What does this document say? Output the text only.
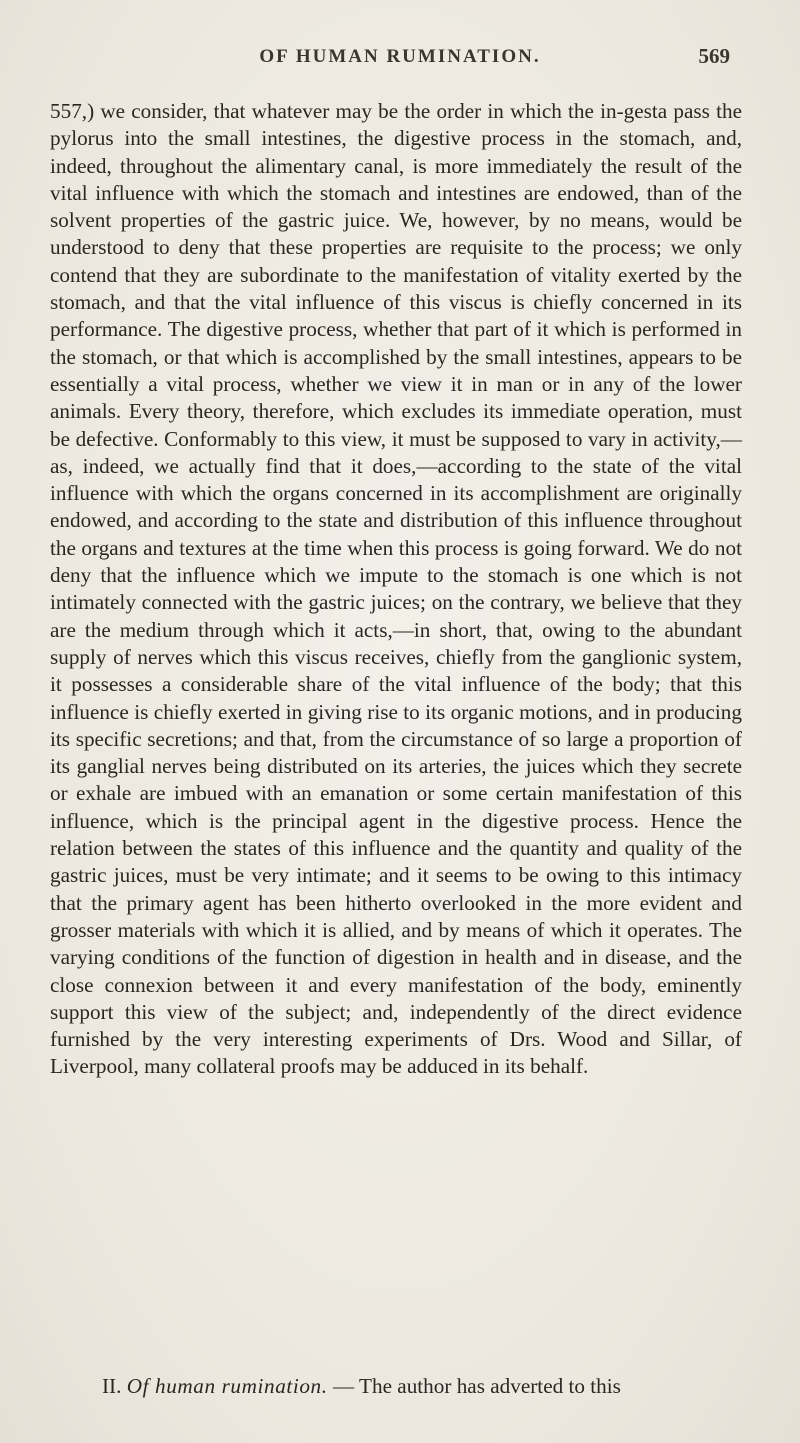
OF HUMAN RUMINATION.	569

557,) we consider, that whatever may be the order in which the in-gesta pass the pylorus into the small intestines, the digestive process in the stomach, and, indeed, throughout the alimentary canal, is more immediately the result of the vital influence with which the stomach and intestines are endowed, than of the solvent properties of the gastric juice. We, however, by no means, would be understood to deny that these properties are requisite to the process; we only contend that they are subordinate to the manifestation of vitality exerted by the stomach, and that the vital influence of this viscus is chiefly concerned in its performance. The digestive process, whether that part of it which is performed in the stomach, or that which is accomplished by the small intestines, appears to be essentially a vital process, whether we view it in man or in any of the lower animals. Every theory, therefore, which excludes its immediate operation, must be defective. Conformably to this view, it must be supposed to vary in activity,— as, indeed, we actually find that it does,—according to the state of the vital influence with which the organs concerned in its accomplishment are originally endowed, and according to the state and distribution of this influence throughout the organs and textures at the time when this process is going forward. We do not deny that the influence which we impute to the stomach is one which is not intimately connected with the gastric juices; on the contrary, we believe that they are the medium through which it acts,—in short, that, owing to the abundant supply of nerves which this viscus receives, chiefly from the ganglionic system, it possesses a considerable share of the vital influence of the body; that this influence is chiefly exerted in giving rise to its organic motions, and in producing its specific secretions; and that, from the circumstance of so large a proportion of its ganglial nerves being distributed on its arteries, the juices which they secrete or exhale are imbued with an emanation or some certain manifestation of this influence, which is the principal agent in the digestive process. Hence the relation between the states of this influence and the quantity and quality of the gastric juices, must be very intimate; and it seems to be owing to this intimacy that the primary agent has been hitherto overlooked in the more evident and grosser materials with which it is allied, and by means of which it operates. The varying conditions of the function of digestion in health and in disease, and the close connexion between it and every manifestation of the body, eminently support this view of the subject; and, independently of the direct evidence furnished by the very interesting experiments of Drs. Wood and Sillar, of Liverpool, many collateral proofs may be adduced in its behalf.

II. Of human rumination. — The author has adverted to this
